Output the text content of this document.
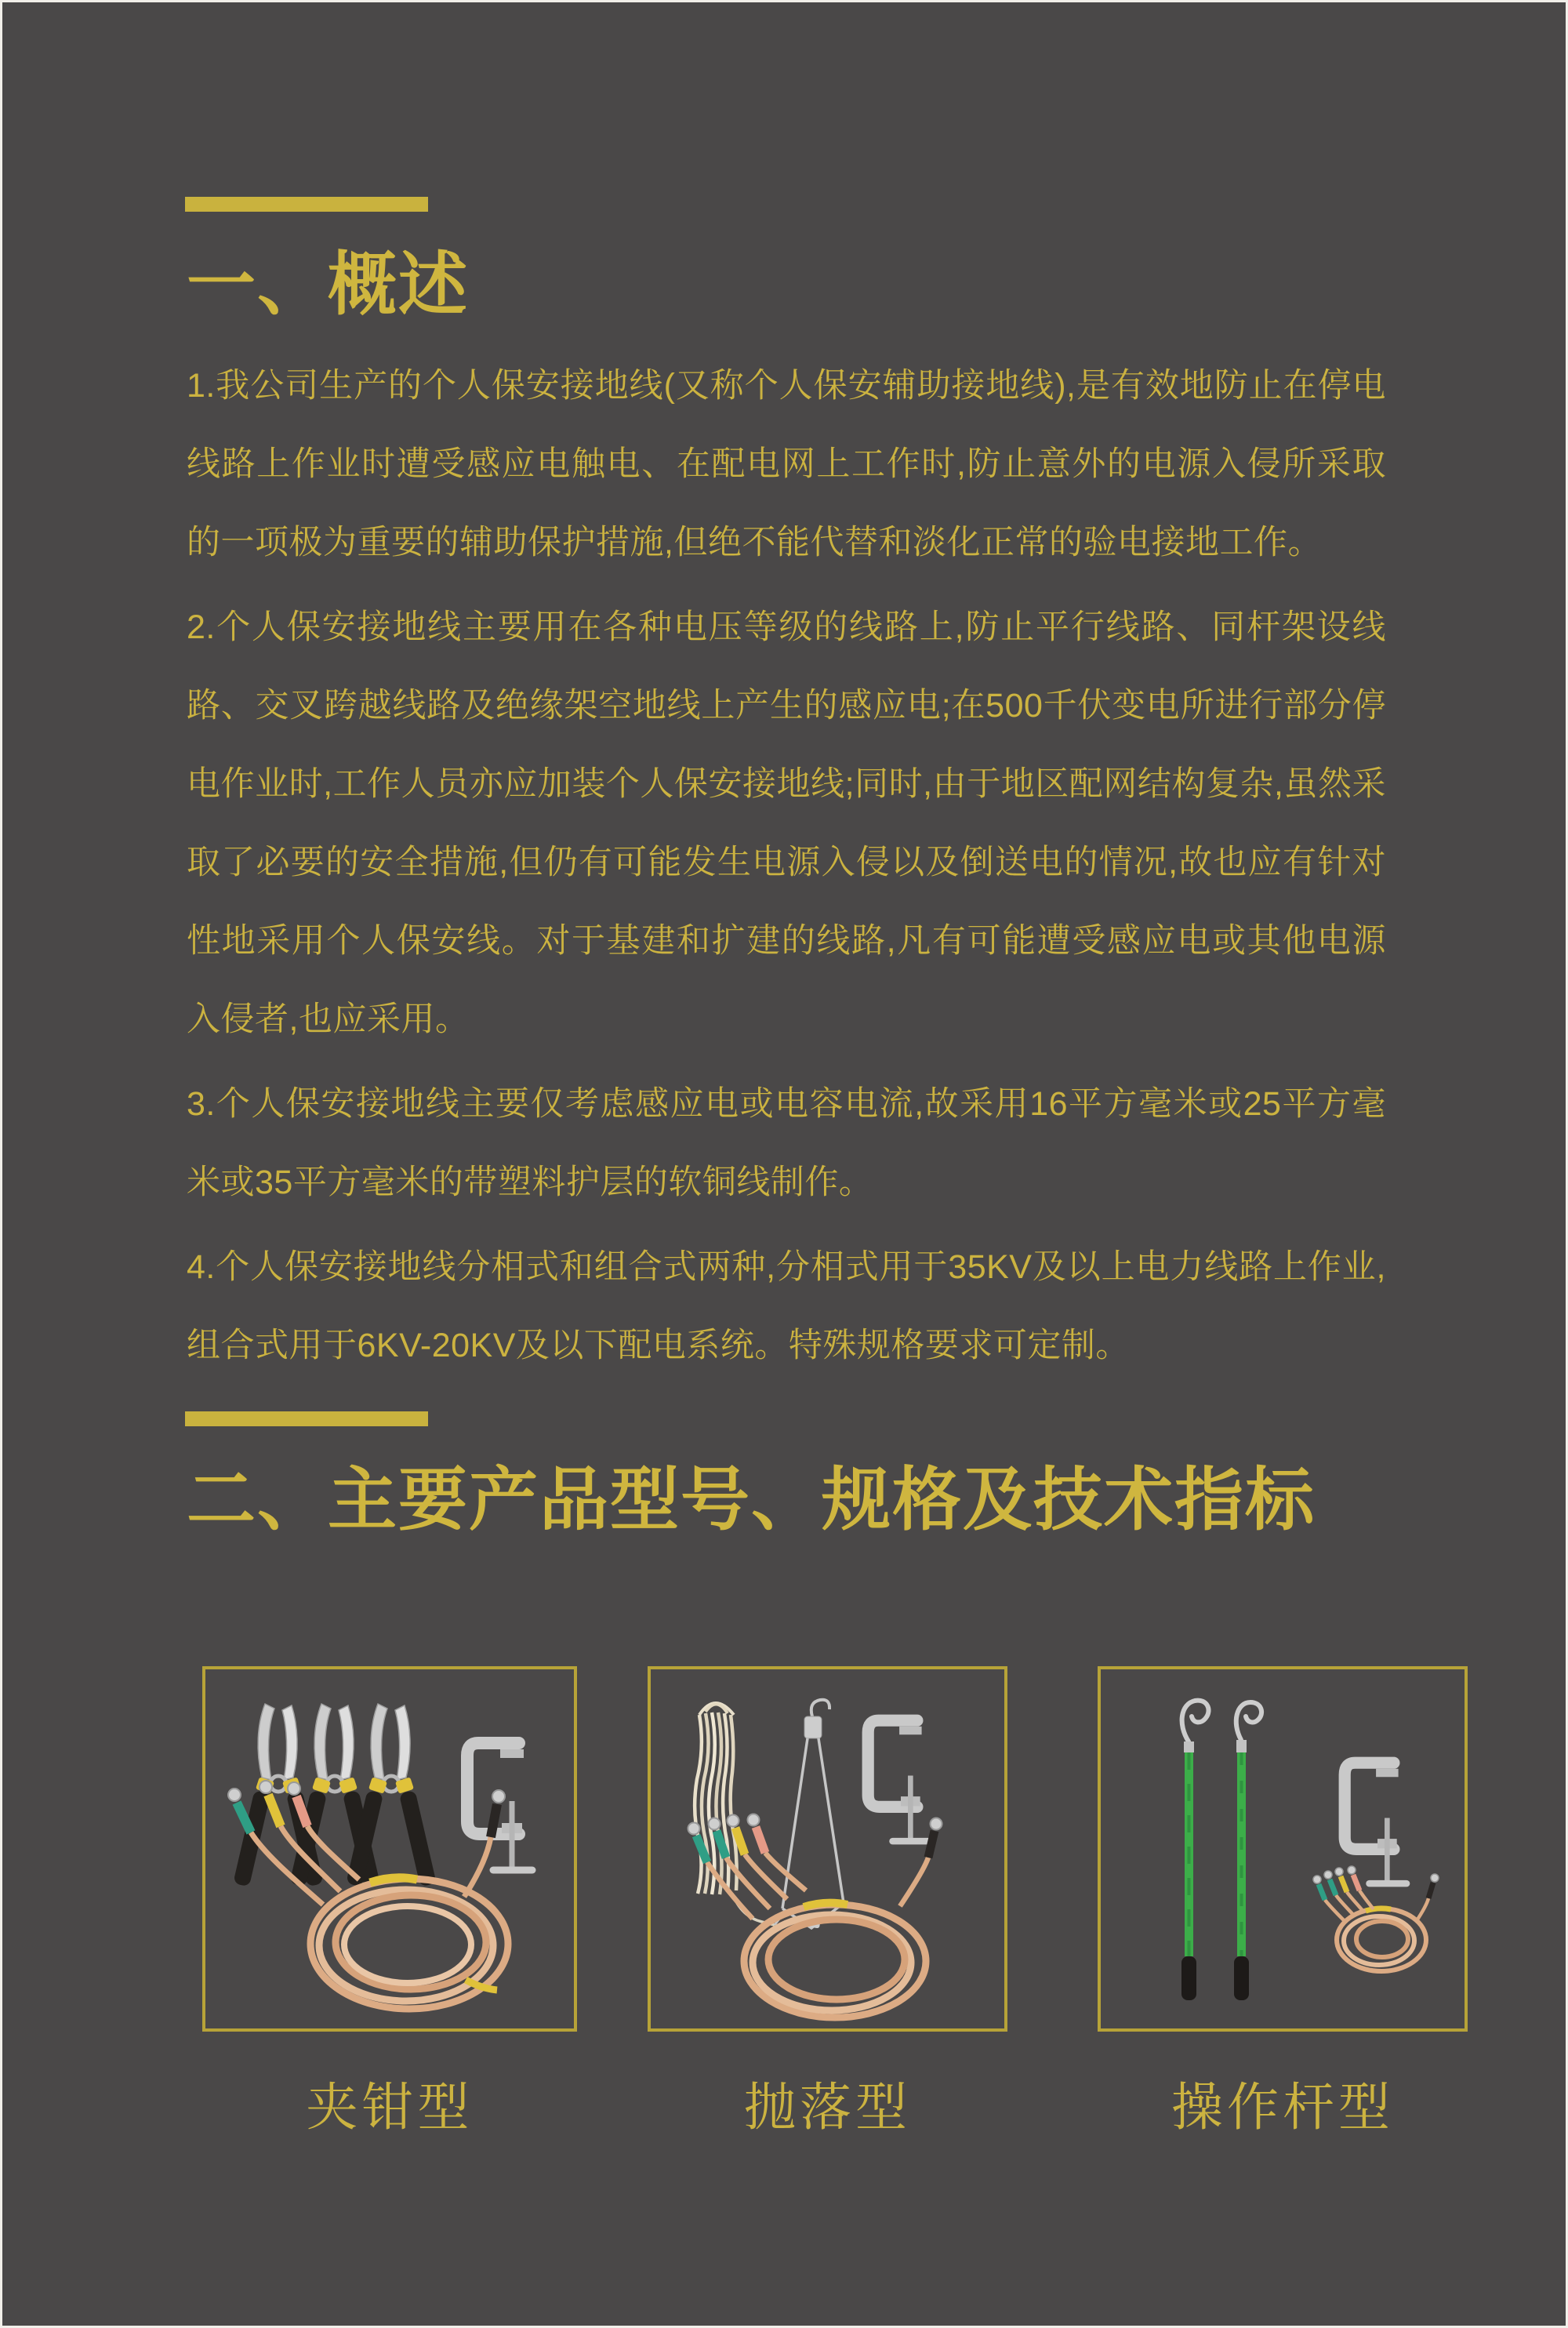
一、概述

1.我公司生产的个人保安接地线(又称个人保安辅助接地线),是有效地防止在停电线路上作业时遭受感应电触电、在配电网上工作时,防止意外的电源入侵所采取的一项极为重要的辅助保护措施,但绝不能代替和淡化正常的验电接地工作。

2.个人保安接地线主要用在各种电压等级的线路上,防止平行线路、同杆架设线路、交叉跨越线路及绝缘架空地线上产生的感应电;在500千伏变电所进行部分停电作业时,工作人员亦应加装个人保安接地线;同时,由于地区配网结构复杂,虽然采取了必要的安全措施,但仍有可能发生电源入侵以及倒送电的情况,故也应有针对性地采用个人保安线。对于基建和扩建的线路,凡有可能遭受感应电或其他电源入侵者,也应采用。

3.个人保安接地线主要仅考虑感应电或电容电流,故采用16平方毫米或25平方毫米或35平方毫米的带塑料护层的软铜线制作。

4.个人保安接地线分相式和组合式两种,分相式用于35KV及以上电力线路上作业,组合式用于6KV-20KV及以下配电系统。特殊规格要求可定制。

二、主要产品型号、规格及技术指标
夹钳型	抛落型	操作杆型
